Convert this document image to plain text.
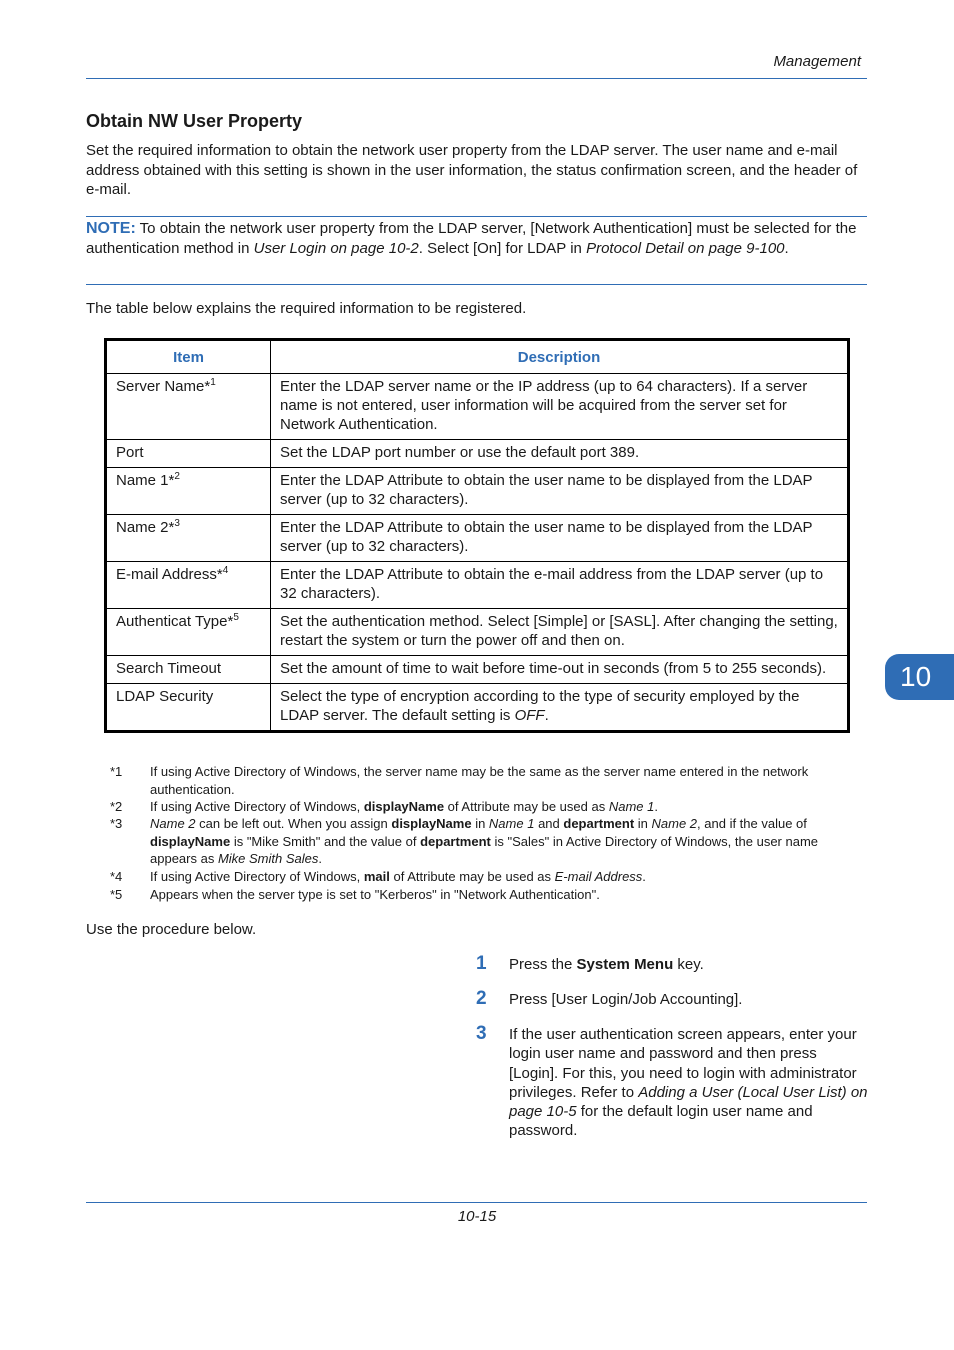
Management
Obtain NW User Property
Set the required information to obtain the network user property from the LDAP server. The user name and e-mail address obtained with this setting is shown in the user information, the status confirmation screen, and the header of e-mail.
NOTE: To obtain the network user property from the LDAP server, [Network Authentication] must be selected for the authentication method in User Login on page 10-2. Select [On] for LDAP in Protocol Detail on page 9-100.
The table below explains the required information to be registered.
Item	Description
Server Name*$^1$	Enter the LDAP server name or the IP address (up to 64 characters). If a server name is not entered, user information will be acquired from the server set for Network Authentication.
Port	Set the LDAP port number or use the default port 389.
Name 1*$^2$	Enter the LDAP Attribute to obtain the user name to be displayed from the LDAP server (up to 32 characters).
Name 2*$^3$	Enter the LDAP Attribute to obtain the user name to be displayed from the LDAP server (up to 32 characters).
E-mail Address*$^4$	Enter the LDAP Attribute to obtain the e-mail address from the LDAP server (up to 32 characters).
Authenticat Type*$^5$	Set the authentication method. Select [Simple] or [SASL]. After changing the setting, restart the system or turn the power off and then on.
Search Timeout	Set the amount of time to wait before time-out in seconds (from 5 to 255 seconds).
LDAP Security	Select the type of encryption according to the type of security employed by the LDAP server. The default setting is OFF.
*1 If using Active Directory of Windows, the server name may be the same as the server name entered in the network authentication.
*2 If using Active Directory of Windows, displayName of Attribute may be used as Name 1.
*3 Name 2 can be left out. When you assign displayName in Name 1 and department in Name 2, and if the value of displayName is "Mike Smith" and the value of department is "Sales" in Active Directory of Windows, the user name appears as Mike Smith Sales.
*4 If using Active Directory of Windows, mail of Attribute may be used as E-mail Address.
*5 Appears when the server type is set to "Kerberos" in "Network Authentication".
Use the procedure below.
1 Press the System Menu key.
2 Press [User Login/Job Accounting].
3 If the user authentication screen appears, enter your login user name and password and then press [Login]. For this, you need to login with administrator privileges. Refer to Adding a User (Local User List) on page 10-5 for the default login user name and password.
10
10-15
